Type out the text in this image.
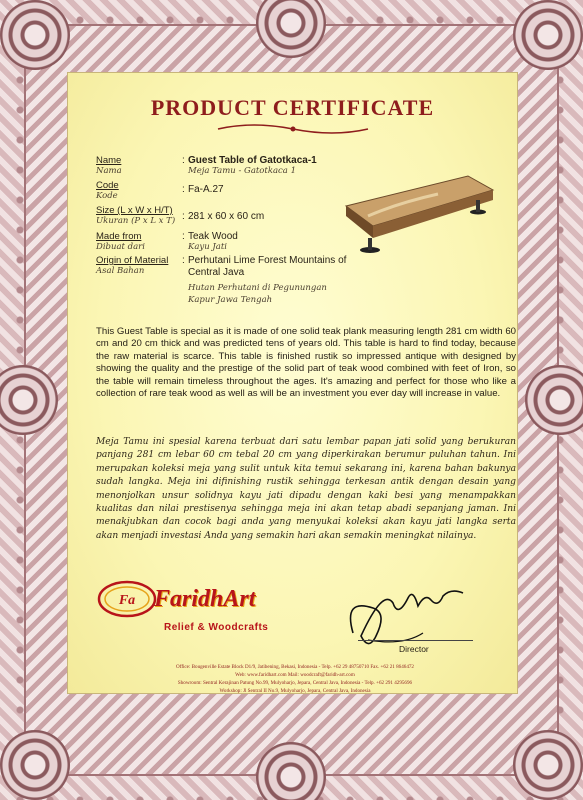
PRODUCT CERTIFICATE
Name
Nama
: Guest Table of Gatotkaca-1
Meja Tamu - Gatotkaca 1
Code
Kode
: Fa-A.27
Size (L x W x H/T)
Ukuran (P x L x T) : 281 x 60 x 60 cm
Made from
Dibuat dari
: Teak Wood
Kayu Jati
Origin of Material
Asal Bahan
: Perhutani Lime Forest Mountains of Central Java
Hutan Perhutani di Pegunungan Kapur Jawa Tengah
This Guest Table is special as it is made of one solid teak plank measuring length 281 cm width 60 cm and 20 cm thick and was predicted tens of years old. This table is hard to find today, because the raw material is scarce. This table is finished rustik so impressed antique with designed by showing the quality and the prestige of the solid part of teak wood combined with feet of Iron, so the table will remain timeless throughout the ages. It's amazing and perfect for those who like a collection of rare teak wood as well as will be an investment you ever day will increase in value.
Meja Tamu ini spesial karena terbuat dari satu lembar papan jati solid yang berukuran panjang 281 cm lebar 60 cm tebal 20 cm yang diperkirakan berumur puluhan tahun. Ini merupakan koleksi meja yang sulit untuk kita temui sekarang ini, karena bahan bakunya sudah langka. Meja ini difinishing rustik sehingga terkesan antik dengan desain yang menonjolkan unsur solidnya kayu jati dipadu dengan kaki besi yang menampakkan kualitas dan nilai prestisenya sehingga meja ini akan tetap abadi sepanjang jaman. Ini menakjubkan dan cocok bagi anda yang menyukai koleksi akan kayu jati langka serta akan menjadi investasi Anda yang semakin hari akan semakin meningkat nilainya.
Fa FaridhArt
Relief & Woodcrafts
Director
Office: Bougenville Estate Block D1/9, Jatibening, Bekasi, Indonesia - Telp. +62 29 48750710 Fax. +62 21 8646472
Web: www.faridhart.com Mail: woodcraft@faridh-art.com
Showroom: Sentral Kerajinan Patung No.99, Mulyoharjo, Jepara, Central Java, Indonesia - Telp. +62 291 4295696
Workshop: Jl Sentral II No.9, Mulyoharjo, Jepara, Central Java, Indonesia
